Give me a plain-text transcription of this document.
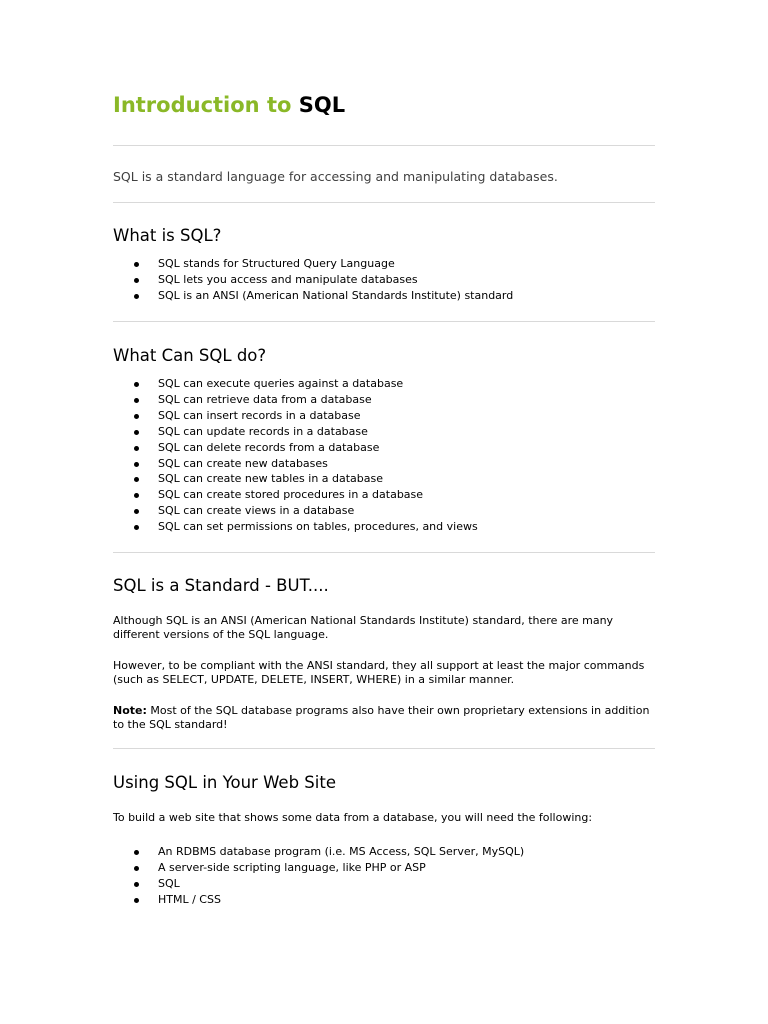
Introduction to SQL

SQL is a standard language for accessing and manipulating databases.

What is SQL?
SQL stands for Structured Query Language
SQL lets you access and manipulate databases
SQL is an ANSI (American National Standards Institute) standard
What Can SQL do?
SQL can execute queries against a database
SQL can retrieve data from a database
SQL can insert records in a database
SQL can update records in a database
SQL can delete records from a database
SQL can create new databases
SQL can create new tables in a database
SQL can create stored procedures in a database
SQL can create views in a database
SQL can set permissions on tables, procedures, and views
SQL is a Standard - BUT....

Although SQL is an ANSI (American National Standards Institute) standard, there are many different versions of the SQL language.

However, to be compliant with the ANSI standard, they all support at least the major commands (such as SELECT, UPDATE, DELETE, INSERT, WHERE) in a similar manner.

Note: Most of the SQL database programs also have their own proprietary extensions in addition to the SQL standard!

Using SQL in Your Web Site

To build a web site that shows some data from a database, you will need the following:

An RDBMS database program (i.e. MS Access, SQL Server, MySQL)
A server-side scripting language, like PHP or ASP
SQL
HTML / CSS
